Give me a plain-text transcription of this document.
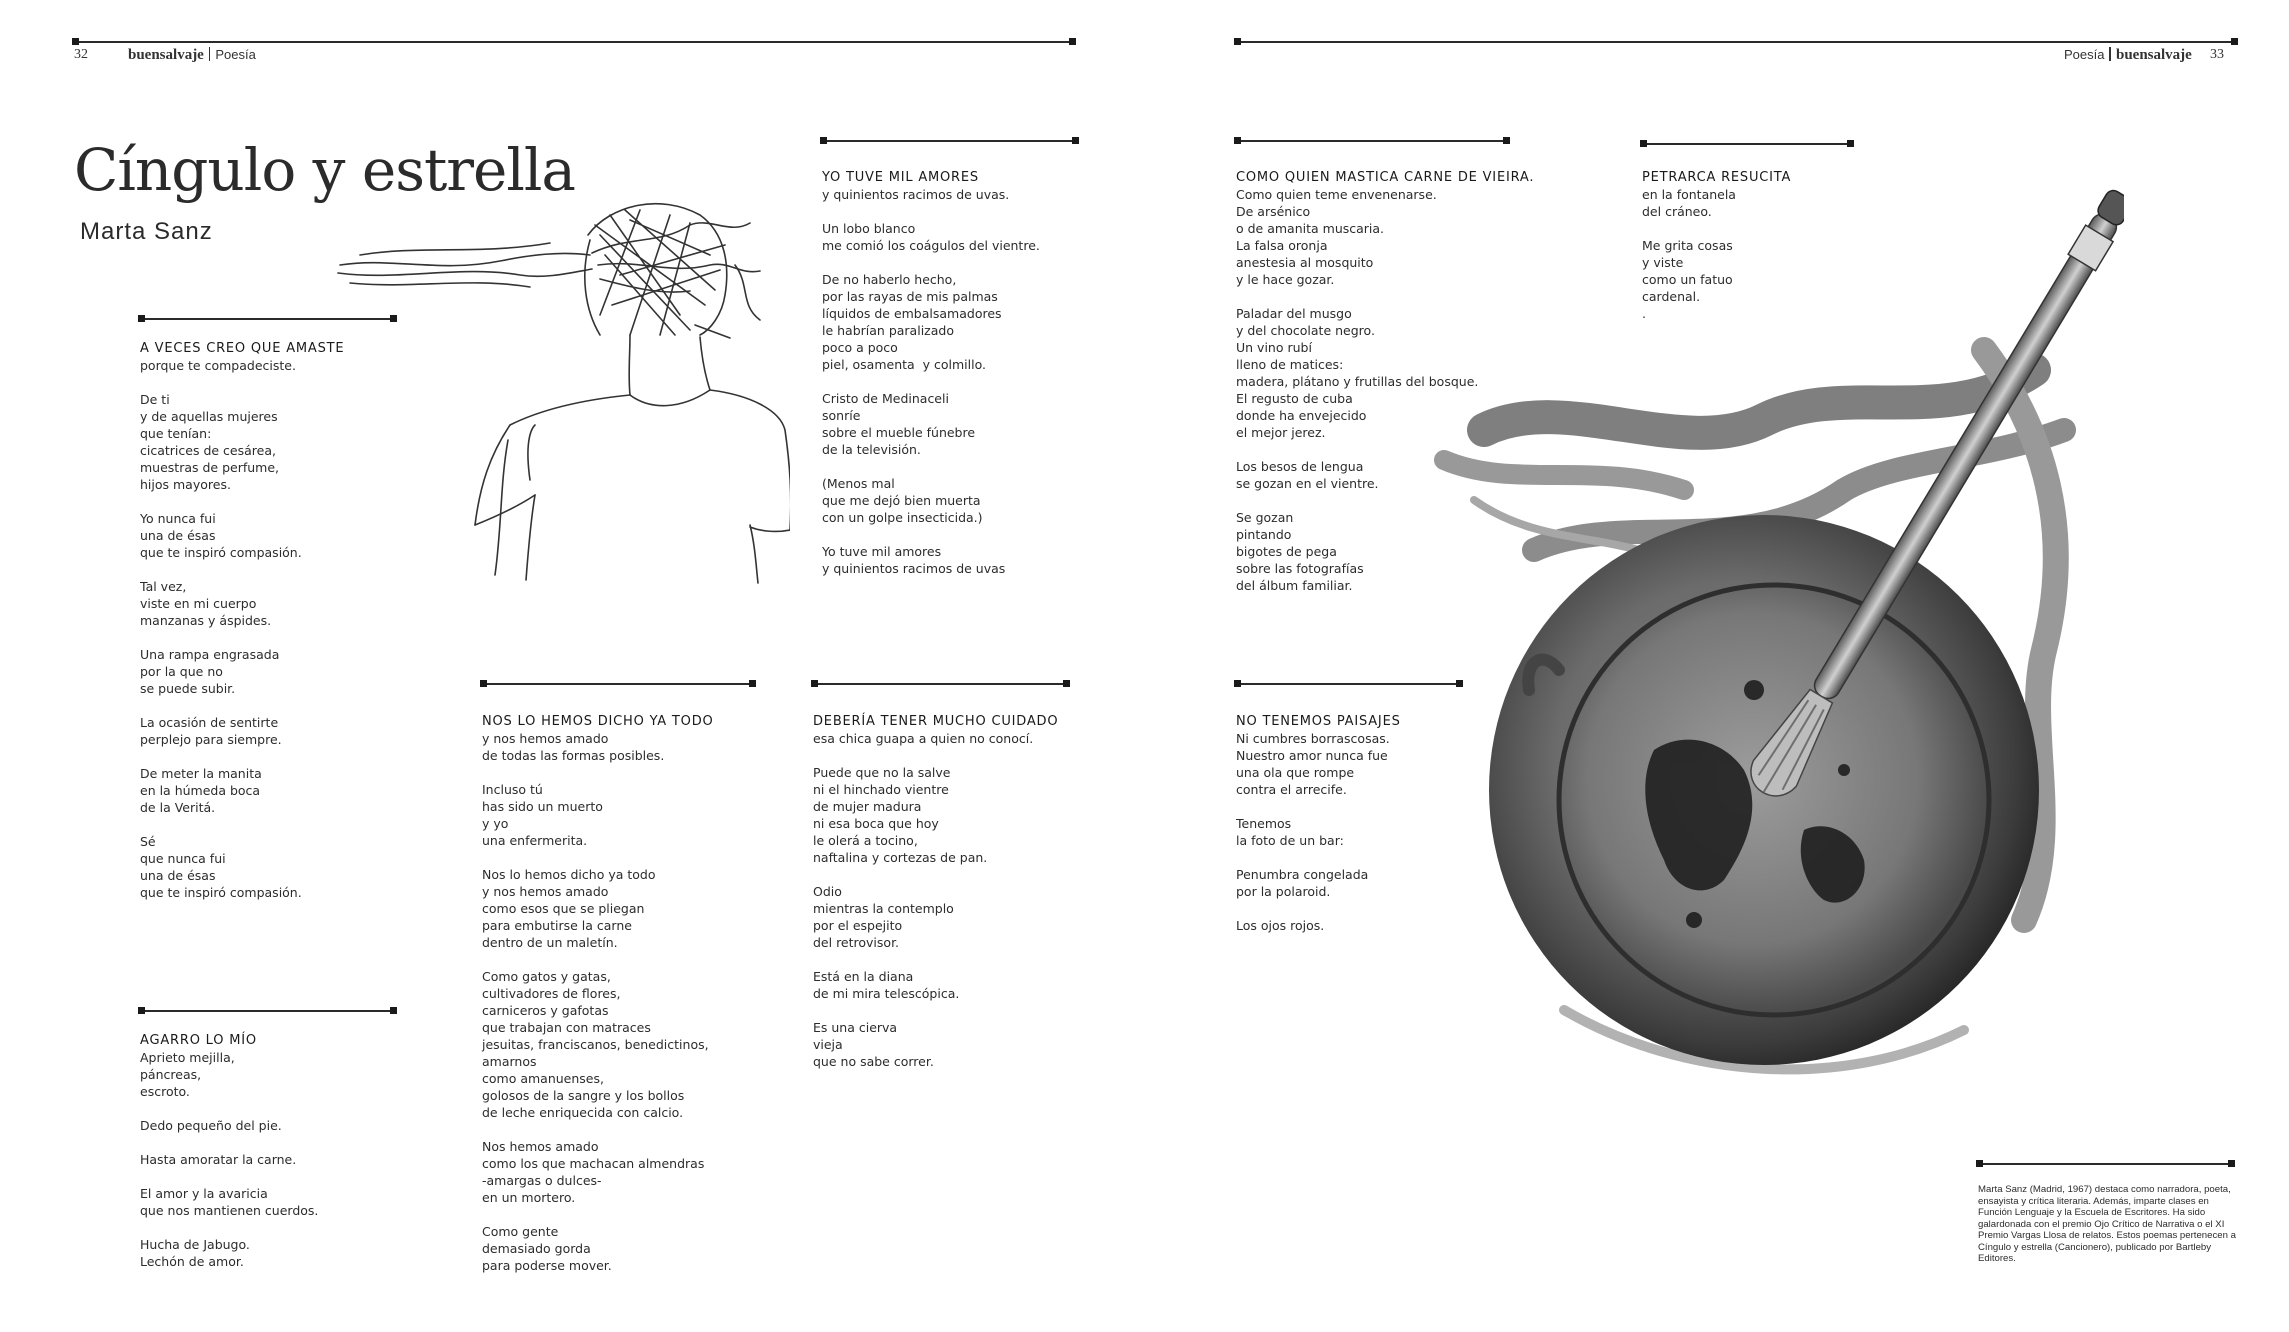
32	buensalvaje Poesía
Cíngulo y estrella
Marta Sanz
A VECES CREO QUE AMASTE
porque te compadeciste.
De ti
y de aquellas mujeres
que tenían:
cicatrices de cesárea,
muestras de perfume,
hijos mayores.
Yo nunca fui
una de ésas
que te inspiró compasión.
Tal vez,
viste en mi cuerpo
manzanas y áspides.
Una rampa engrasada
por la que no
se puede subir.
La ocasión de sentirte
perplejo para siempre.
De meter la manita
en la húmeda boca
de la Veritá.
Sé
que nunca fui
una de ésas
que te inspiró compasión.
AGARRO LO MÍO
Aprieto mejilla,
páncreas,
escroto.
Dedo pequeño del pie.
Hasta amoratar la carne.
El amor y la avaricia
que nos mantienen cuerdos.
Hucha de Jabugo.
Lechón de amor.
YO TUVE MIL AMORES
y quinientos racimos de uvas.
Un lobo blanco
me comió los coágulos del vientre.
De no haberlo hecho,
por las rayas de mis palmas
líquidos de embalsamadores
le habrían paralizado
poco a poco
piel, osamenta  y colmillo.
Cristo de Medinaceli
sonríe
sobre el mueble fúnebre
de la televisión.
(Menos mal
que me dejó bien muerta
con un golpe insecticida.)
Yo tuve mil amores
y quinientos racimos de uvas
NOS LO HEMOS DICHO YA TODO
y nos hemos amado
de todas las formas posibles.
Incluso tú
has sido un muerto
y yo
una enfermerita.
Nos lo hemos dicho ya todo
y nos hemos amado
como esos que se pliegan
para embutirse la carne
dentro de un maletín.
Como gatos y gatas,
cultivadores de flores,
carniceros y gafotas
que trabajan con matraces
jesuitas, franciscanos, benedictinos,
amarnos
como amanuenses,
golosos de la sangre y los bollos
de leche enriquecida con calcio.
Nos hemos amado
como los que machacan almendras
-amargas o dulces-
en un mortero.
Como gente
demasiado gorda
para poderse mover.
DEBERÍA TENER MUCHO CUIDADO
esa chica guapa a quien no conocí.
Puede que no la salve
ni el hinchado vientre
de mujer madura
ni esa boca que hoy
le olerá a tocino,
naftalina y cortezas de pan.
Odio
mientras la contemplo
por el espejito
del retrovisor.
Está en la diana
de mi mira telescópica.
Es una cierva
vieja
que no sabe correr.
Poesía buensalvaje 33
COMO QUIEN MASTICA CARNE DE VIEIRA.
Como quien teme envenenarse.
De arsénico
o de amanita muscaria.
La falsa oronja
anestesia al mosquito
y le hace gozar.
Paladar del musgo
y del chocolate negro.
Un vino rubí
lleno de matices:
madera, plátano y frutillas del bosque.
El regusto de cuba
donde ha envejecido
el mejor jerez.
Los besos de lengua
se gozan en el vientre.
Se gozan
pintando
bigotes de pega
sobre las fotografías
del álbum familiar.
PETRARCA RESUCITA
en la fontanela
del cráneo.
Me grita cosas
y viste
como un fatuo
cardenal.
.
NO TENEMOS PAISAJES
Ni cumbres borrascosas.
Nuestro amor nunca fue
una ola que rompe
contra el arrecife.
Tenemos
la foto de un bar:
Penumbra congelada
por la polaroid.
Los ojos rojos.
Marta Sanz (Madrid, 1967) destaca como narradora, poeta, ensayista y crítica literaria. Además, imparte clases en Función Lenguaje y la Escuela de Escritores. Ha sido galardonada con el premio Ojo Crítico de Narrativa o el XI Premio Vargas Llosa de relatos. Estos poemas pertenecen a Cíngulo y estrella (Cancionero), publicado por Bartleby Editores.
